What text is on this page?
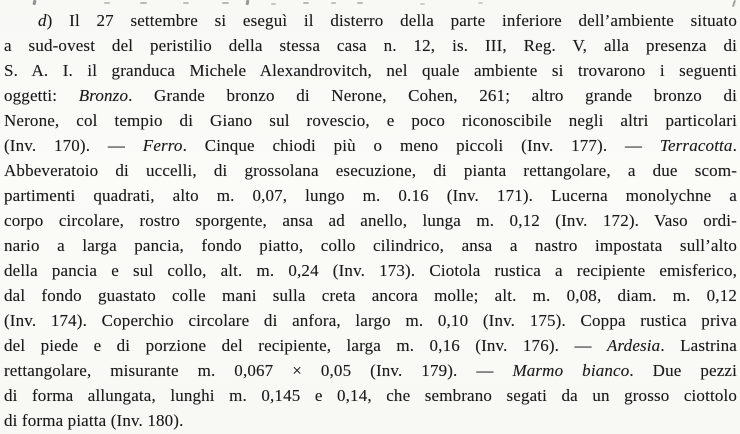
d) Il 27 settembre si eseguì il disterro della parte inferiore dell’ambiente situato
a sud-ovest del peristilio della stessa casa n. 12, is. III, Reg. V, alla presenza di
S. A. I. il granduca Michele Alexandrovitch, nel quale ambiente si trovarono i seguenti
oggetti: Bronzo. Grande bronzo di Nerone, Cohen, 261; altro grande bronzo di
Nerone, col tempio di Giano sul rovescio, e poco riconoscibile negli altri particolari
(Inv. 170). — Ferro. Cinque chiodi più o meno piccoli (Inv. 177). — Terracotta.
Abbeveratoio di uccelli, di grossolana esecuzione, di pianta rettangolare, a due scom-
partimenti quadrati, alto m. 0,07, lungo m. 0.16 (Inv. 171). Lucerna monolychne a
corpo circolare, rostro sporgente, ansa ad anello, lunga m. 0,12 (Inv. 172). Vaso ordi-
nario a larga pancia, fondo piatto, collo cilindrico, ansa a nastro impostata sull’alto
della pancia e sul collo, alt. m. 0,24 (Inv. 173). Ciotola rustica a recipiente emisferico,
dal fondo guastato colle mani sulla creta ancora molle; alt. m. 0,08, diam. m. 0,12
(Inv. 174). Coperchio circolare di anfora, largo m. 0,10 (Inv. 175). Coppa rustica priva
del piede e di porzione del recipiente, larga m. 0,16 (Inv. 176). — Ardesia. Lastrina
rettangolare, misurante m. 0,067 × 0,05 (Inv. 179). — Marmo bianco. Due pezzi
di forma allungata, lunghi m. 0,145 e 0,14, che sembrano segati da un grosso ciottolo
di forma piatta (Inv. 180).
